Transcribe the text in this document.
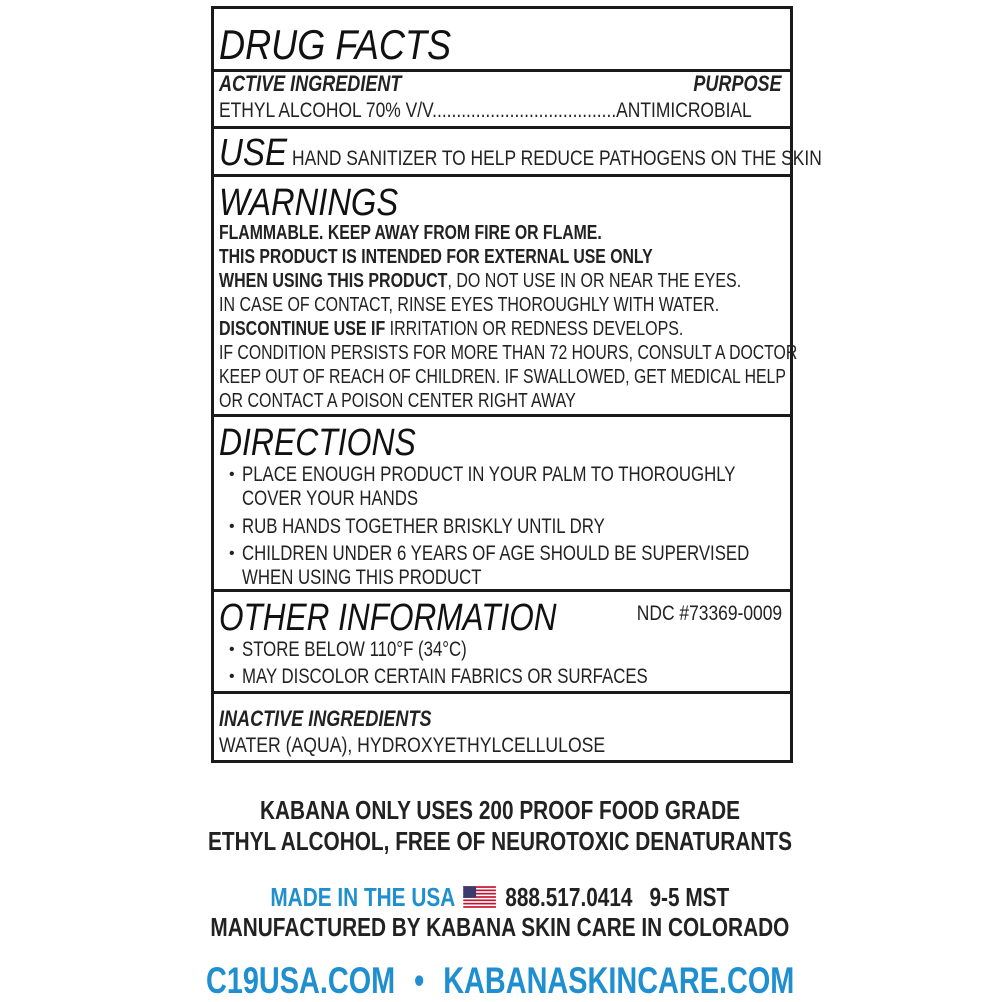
DRUG FACTS
ACTIVE INGREDIENT	PURPOSE
ETHYL ALCOHOL 70% V/V......................................ANTIMICROBIAL
USE HAND SANITIZER TO HELP REDUCE PATHOGENS ON THE SKIN
WARNINGS
FLAMMABLE. KEEP AWAY FROM FIRE OR FLAME.
THIS PRODUCT IS INTENDED FOR EXTERNAL USE ONLY
WHEN USING THIS PRODUCT, DO NOT USE IN OR NEAR THE EYES.
IN CASE OF CONTACT, RINSE EYES THOROUGHLY WITH WATER.
DISCONTINUE USE IF IRRITATION OR REDNESS DEVELOPS.
IF CONDITION PERSISTS FOR MORE THAN 72 HOURS, CONSULT A DOCTOR
KEEP OUT OF REACH OF CHILDREN. IF SWALLOWED, GET MEDICAL HELP
OR CONTACT A POISON CENTER RIGHT AWAY
DIRECTIONS
• PLACE ENOUGH PRODUCT IN YOUR PALM TO THOROUGHLY
COVER YOUR HANDS
• RUB HANDS TOGETHER BRISKLY UNTIL DRY
• CHILDREN UNDER 6 YEARS OF AGE SHOULD BE SUPERVISED
WHEN USING THIS PRODUCT
OTHER INFORMATION	NDC #73369-0009
• STORE BELOW 110°F (34°C)
• MAY DISCOLOR CERTAIN FABRICS OR SURFACES
INACTIVE INGREDIENTS
WATER (AQUA), HYDROXYETHYLCELLULOSE
KABANA ONLY USES 200 PROOF FOOD GRADE
ETHYL ALCOHOL, FREE OF NEUROTOXIC DENATURANTS
MADE IN THE USA 888.517.0414 9-5 MST
MANUFACTURED BY KABANA SKIN CARE IN COLORADO
C19USA.COM • KABANASKINCARE.COM
